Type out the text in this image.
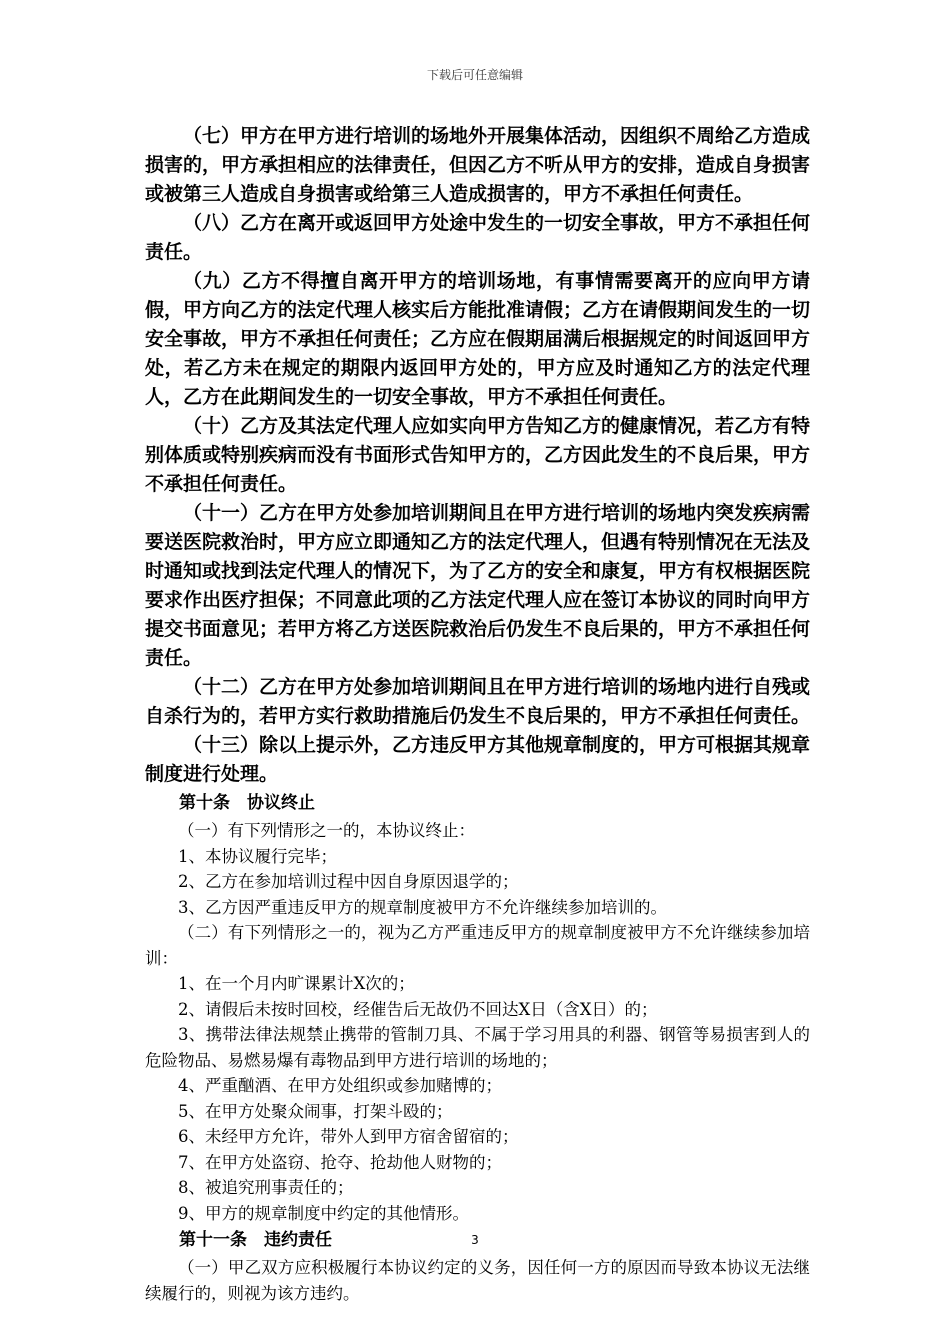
下载后可任意编辑

（七）甲方在甲方进行培训的场地外开展集体活动，因组织不周给乙方造成损害的，甲方承担相应的法律责任，但因乙方不听从甲方的安排，造成自身损害或被第三人造成自身损害或给第三人造成损害的，甲方不承担任何责任。

（八）乙方在离开或返回甲方处途中发生的一切安全事故，甲方不承担任何责任。

（九）乙方不得擅自离开甲方的培训场地，有事情需要离开的应向甲方请假，甲方向乙方的法定代理人核实后方能批准请假；乙方在请假期间发生的一切安全事故，甲方不承担任何责任；乙方应在假期届满后根据规定的时间返回甲方处，若乙方未在规定的期限内返回甲方处的，甲方应及时通知乙方的法定代理人，乙方在此期间发生的一切安全事故，甲方不承担任何责任。

（十）乙方及其法定代理人应如实向甲方告知乙方的健康情况，若乙方有特别体质或特别疾病而没有书面形式告知甲方的，乙方因此发生的不良后果，甲方不承担任何责任。

（十一）乙方在甲方处参加培训期间且在甲方进行培训的场地内突发疾病需要送医院救治时，甲方应立即通知乙方的法定代理人，但遇有特别情况在无法及时通知或找到法定代理人的情况下，为了乙方的安全和康复，甲方有权根据医院要求作出医疗担保；不同意此项的乙方法定代理人应在签订本协议的同时向甲方提交书面意见；若甲方将乙方送医院救治后仍发生不良后果的，甲方不承担任何责任。

（十二）乙方在甲方处参加培训期间且在甲方进行培训的场地内进行自残或自杀行为的，若甲方实行救助措施后仍发生不良后果的，甲方不承担任何责任。

（十三）除以上提示外，乙方违反甲方其他规章制度的，甲方可根据其规章制度进行处理。

第十条　协议终止

（一）有下列情形之一的，本协议终止：

1、本协议履行完毕；

2、乙方在参加培训过程中因自身原因退学的；

3、乙方因严重违反甲方的规章制度被甲方不允许继续参加培训的。

（二）有下列情形之一的，视为乙方严重违反甲方的规章制度被甲方不允许继续参加培训：

1、在一个月内旷课累计X次的；

2、请假后未按时回校，经催告后无故仍不回达X日（含X日）的；

3、携带法律法规禁止携带的管制刀具、不属于学习用具的利器、钢管等易损害到人的危险物品、易燃易爆有毒物品到甲方进行培训的场地的；

4、严重酗酒、在甲方处组织或参加赌博的；

5、在甲方处聚众闹事，打架斗殴的；

6、未经甲方允许，带外人到甲方宿舍留宿的；

7、在甲方处盗窃、抢夺、抢劫他人财物的；

8、被追究刑事责任的；

9、甲方的规章制度中约定的其他情形。

第十一条　违约责任

（一）甲乙双方应积极履行本协议约定的义务，因任何一方的原因而导致本协议无法继续履行的，则视为该方违约。

3
